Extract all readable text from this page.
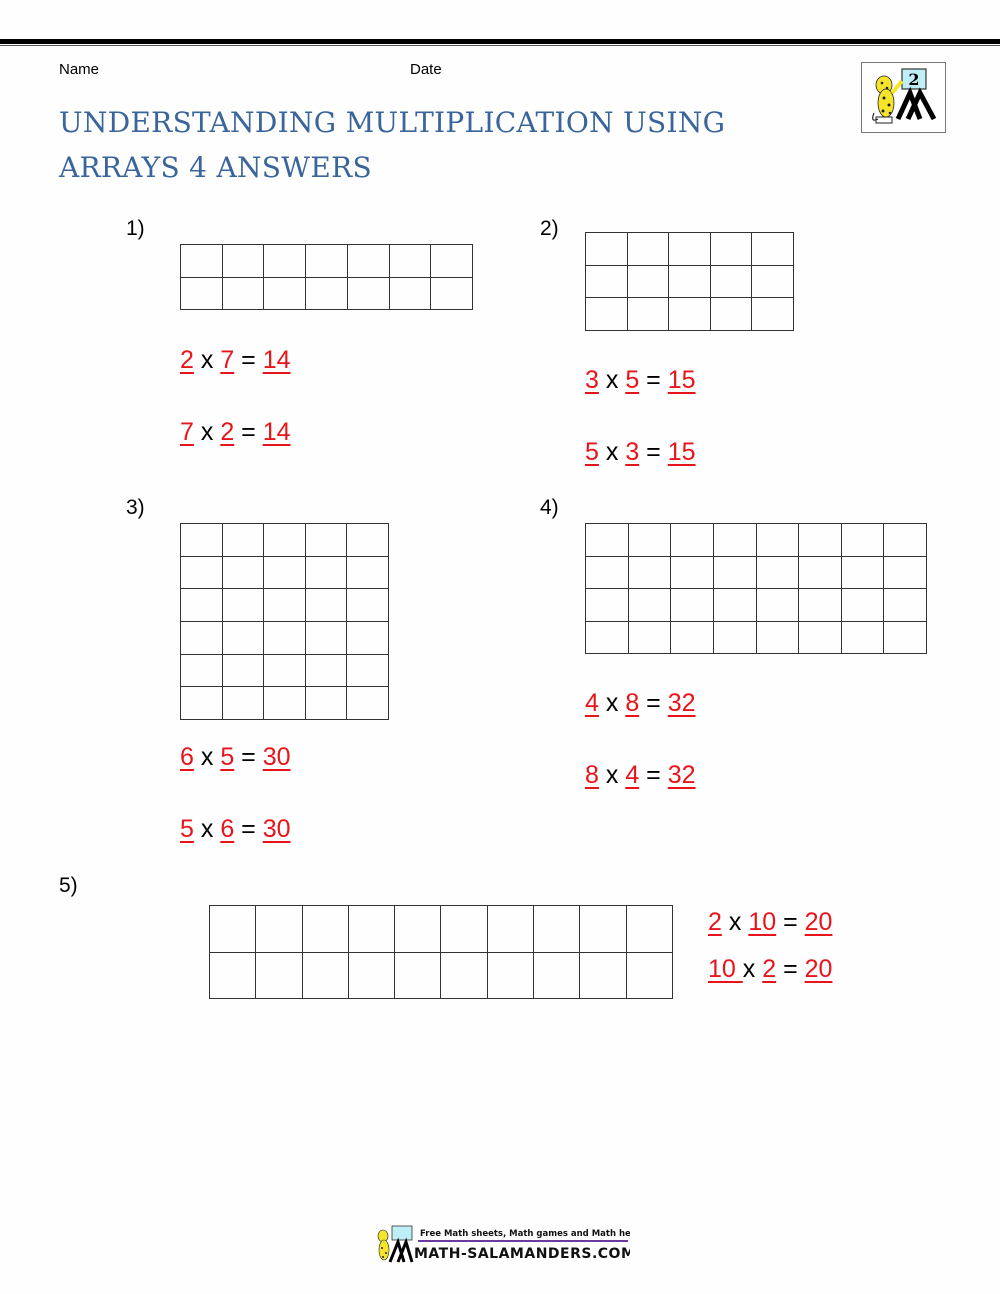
Name	Date
UNDERSTANDING MULTIPLICATION USING ARRAYS 4 ANSWERS
2
1)

2 x 7 = 14
7 x 2 = 14
2)

3 x 5 = 15
5 x 3 = 15
3)

6 x 5 = 30
5 x 6 = 30
4)

4 x 8 = 32
8 x 4 = 32
5)

2 x 10 = 20
10 x 2 = 20
Free Math sheets, Math games and Math help
MATH-SALAMANDERS.COM
